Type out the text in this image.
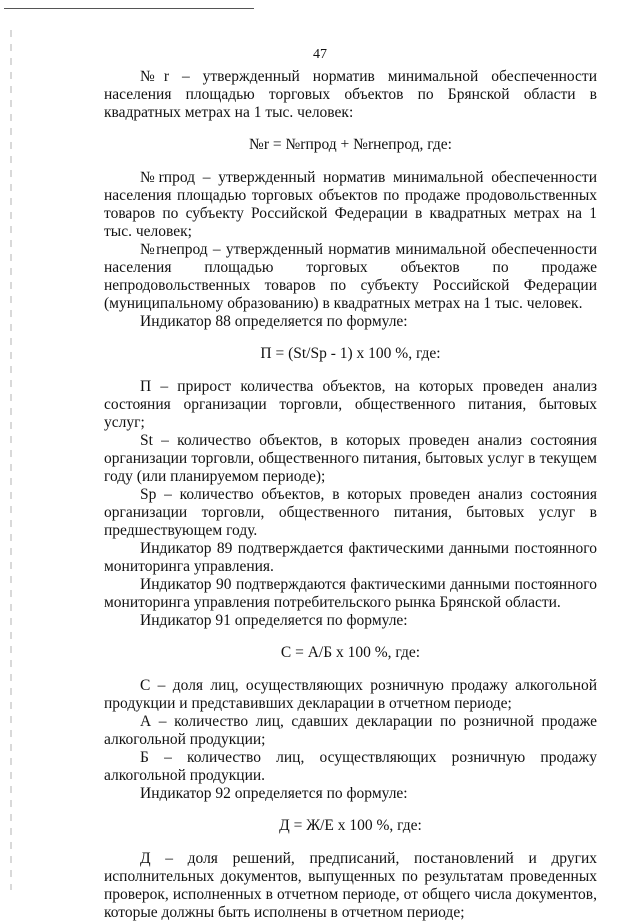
47

№r – утвержденный норматив минимальной обеспеченности населения площадью торговых объектов по Брянской области в квадратных метрах на 1 тыс. человек:

№r = №rпрод + №rнепрод, где:

№rпрод – утвержденный норматив минимальной обеспеченности населения площадью торговых объектов по продаже продовольственных товаров по субъекту Российской Федерации в квадратных метрах на 1 тыс. человек;

№rнепрод – утвержденный норматив минимальной обеспеченности населения площадью торговых объектов по продаже непродовольственных товаров по субъекту Российской Федерации (муниципальному образованию) в квадратных метрах на 1 тыс. человек.

Индикатор 88 определяется по формуле:

П = (St/Sp - 1) х 100 %, где:

П – прирост количества объектов, на которых проведен анализ состояния организации торговли, общественного питания, бытовых услуг;

St – количество объектов, в которых проведен анализ состояния организации торговли, общественного питания, бытовых услуг в текущем году (или планируемом периоде);

Sp – количество объектов, в которых проведен анализ состояния организации торговли, общественного питания, бытовых услуг в предшествующем году.

Индикатор 89 подтверждается фактическими данными постоянного мониторинга управления.

Индикатор 90 подтверждаются фактическими данными постоянного мониторинга управления потребительского рынка Брянской области.

Индикатор 91 определяется по формуле:

С = А/Б х 100 %, где:

С – доля лиц, осуществляющих розничную продажу алкогольной продукции и представивших декларации в отчетном периоде;

А – количество лиц, сдавших декларации по розничной продаже алкогольной продукции;

Б – количество лиц, осуществляющих розничную продажу алкогольной продукции.

Индикатор 92 определяется по формуле:

Д = Ж/Е х 100 %, где:

Д – доля решений, предписаний, постановлений и других исполнительных документов, выпущенных по результатам проведенных проверок, исполненных в отчетном периоде, от общего числа документов, которые должны быть исполнены в отчетном периоде;
